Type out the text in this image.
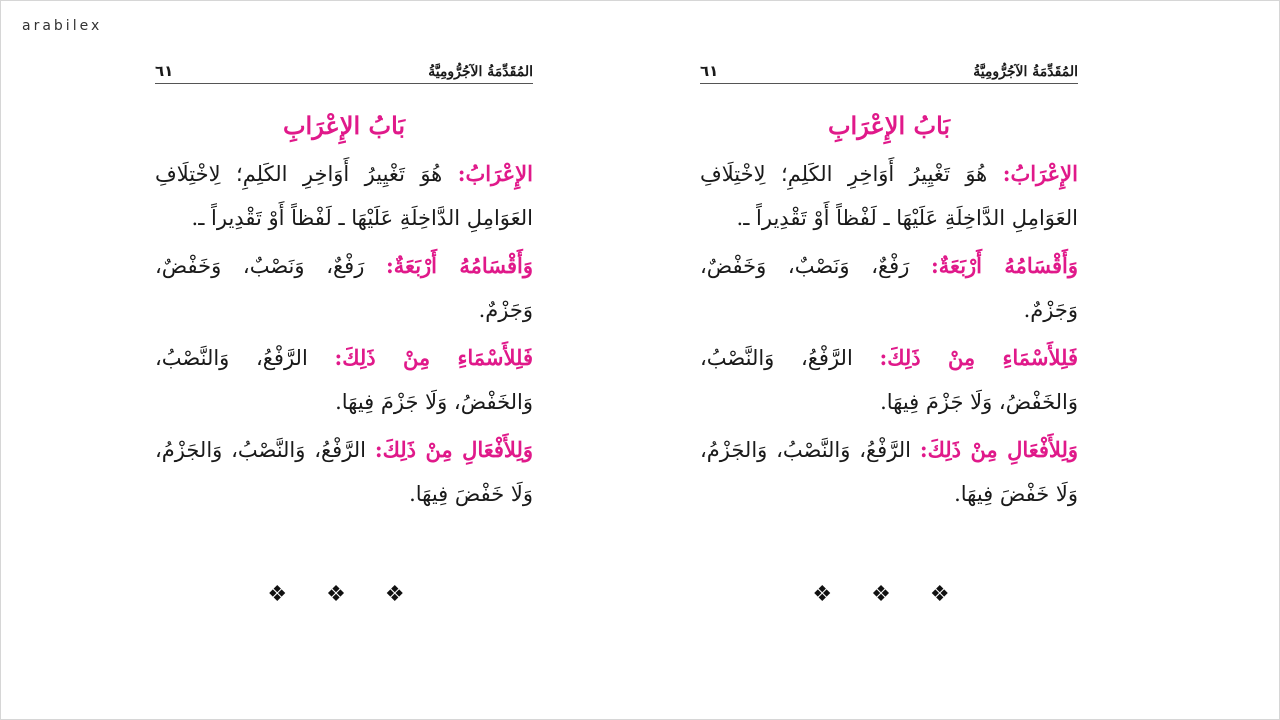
arabilex
المُقَدِّمَةُ الآجُرُّومِيَّةُ
٦١
بَابُ الإِعْرَابِ

الإِعْرَابُ: هُوَ تَغْيِيرُ أَوَاخِرِ الكَلِمِ؛ لِاخْتِلَافِ العَوَامِلِ الدَّاخِلَةِ عَلَيْهَا ـ لَفْظاً أَوْ تَقْدِيراً ـ.

وَأَقْسَامُهُ أَرْبَعَةٌ: رَفْعٌ، وَنَصْبٌ، وَخَفْضٌ، وَجَزْمٌ.

فَلِلأَسْمَاءِ مِنْ ذَلِكَ: الرَّفْعُ، وَالنَّصْبُ، وَالخَفْضُ، وَلَا جَزْمَ فِيهَا.

وَلِلأَفْعَالِ مِنْ ذَلِكَ: الرَّفْعُ، وَالنَّصْبُ، وَالجَزْمُ، وَلَا خَفْضَ فِيهَا.

❖ ❖ ❖
المُقَدِّمَةُ الآجُرُّومِيَّةُ
٦١
بَابُ الإِعْرَابِ

الإِعْرَابُ: هُوَ تَغْيِيرُ أَوَاخِرِ الكَلِمِ؛ لِاخْتِلَافِ العَوَامِلِ الدَّاخِلَةِ عَلَيْهَا ـ لَفْظاً أَوْ تَقْدِيراً ـ.

وَأَقْسَامُهُ أَرْبَعَةٌ: رَفْعٌ، وَنَصْبٌ، وَخَفْضٌ، وَجَزْمٌ.

فَلِلأَسْمَاءِ مِنْ ذَلِكَ: الرَّفْعُ، وَالنَّصْبُ، وَالخَفْضُ، وَلَا جَزْمَ فِيهَا.

وَلِلأَفْعَالِ مِنْ ذَلِكَ: الرَّفْعُ، وَالنَّصْبُ، وَالجَزْمُ، وَلَا خَفْضَ فِيهَا.

❖ ❖ ❖
